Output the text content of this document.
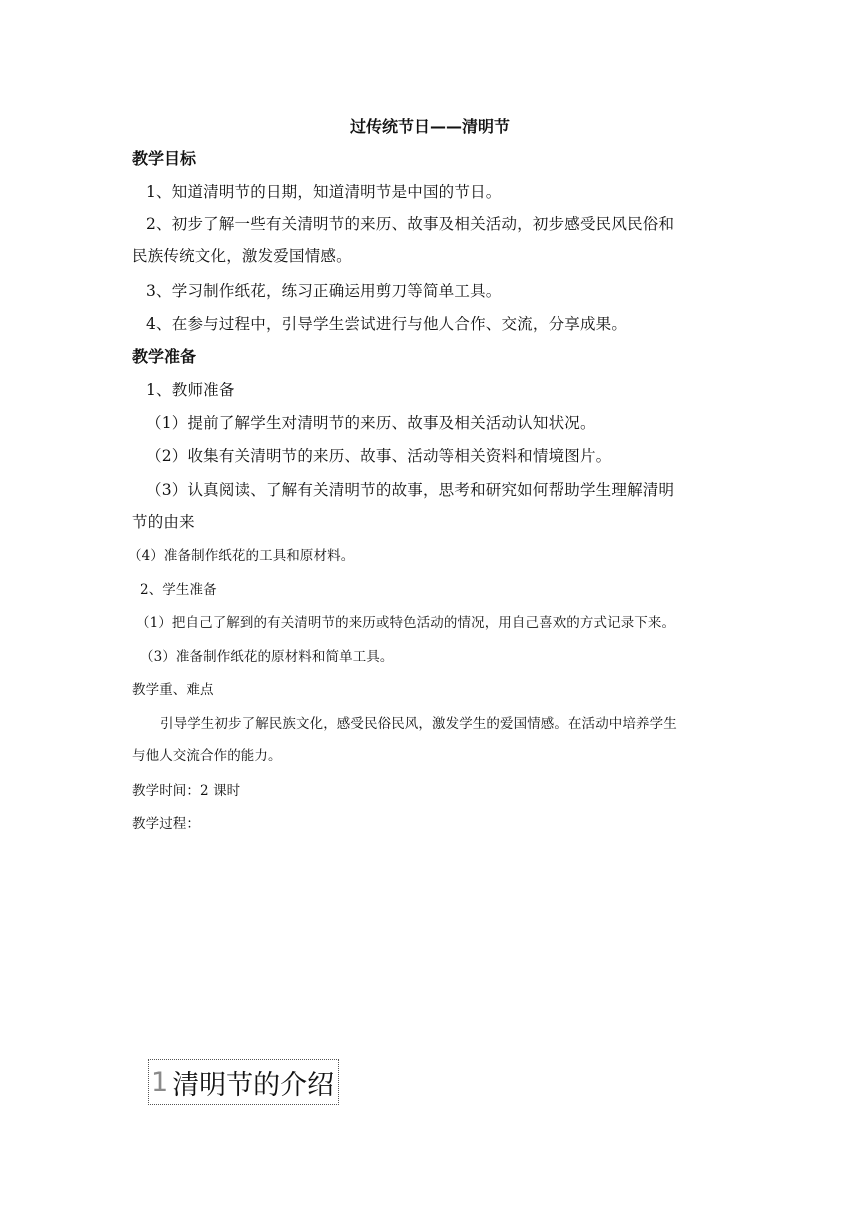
过传统节日——清明节
教学目标
1、知道清明节的日期，知道清明节是中国的节日。
2、初步了解一些有关清明节的来历、故事及相关活动，初步感受民风民俗和
民族传统文化，激发爱国情感。
3、学习制作纸花，练习正确运用剪刀等简单工具。
4、在参与过程中，引导学生尝试进行与他人合作、交流，分享成果。
教学准备
1、教师准备
（1）提前了解学生对清明节的来历、故事及相关活动认知状况。
（2）收集有关清明节的来历、故事、活动等相关资料和情境图片。
（3）认真阅读、了解有关清明节的故事，思考和研究如何帮助学生理解清明
节的由来
（4）准备制作纸花的工具和原材料。
2、学生准备
（1）把自己了解到的有关清明节的来历或特色活动的情况，用自己喜欢的方式记录下来。
（3）准备制作纸花的原材料和简单工具。
教学重、难点
引导学生初步了解民族文化，感受民俗民风，激发学生的爱国情感。在活动中培养学生
与他人交流合作的能力。
教学时间：2 课时
教学过程：
1 清明节的介绍
